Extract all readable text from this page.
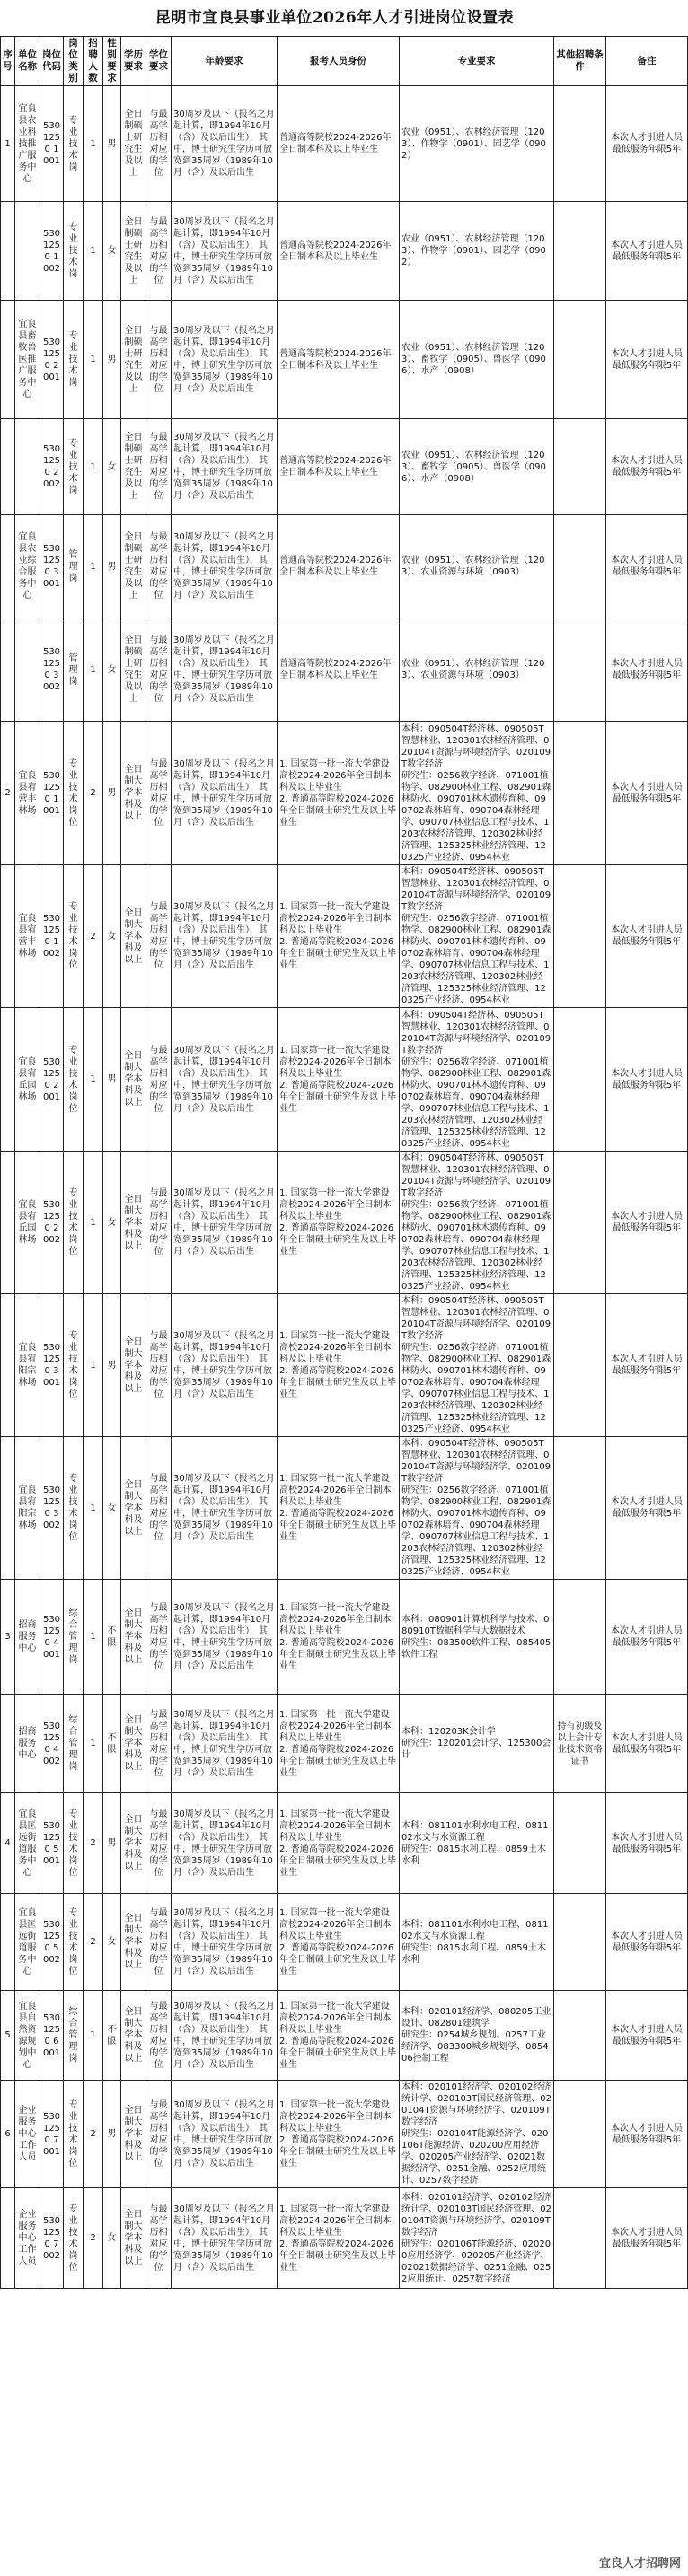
昆明市宜良县事业单位2026年人才引进岗位设置表
序号	单位名称	岗位代码	岗位类别	招聘人数	性别要求	学历要求	学位要求	年龄要求	报考人员身份	专业要求	其他招聘条件	备注
1	宜良县农业科技推广服务中心	5301250 1001	专业技术岗	1	男	全日制硕士研究生及以上	与最高学历相对应的学位	30周岁及以下（报名之月起计算，即1994年10月（含）及以后出生），其中，博士研究生学历可放宽到35周岁（1989年10月（含）及以后出生	普通高等院校2024-2026年全日制本科及以上毕业生	农业（0951）、农林经济管理（1203）、作物学（0901）、园艺学（0902）		本次人才引进人员最低服务年限5年
		5301250 1002	专业技术岗	1	女	全日制硕士研究生及以上	与最高学历相对应的学位	30周岁及以下（报名之月起计算，即1994年10月（含）及以后出生），其中，博士研究生学历可放宽到35周岁（1989年10月（含）及以后出生	普通高等院校2024-2026年全日制本科及以上毕业生	农业（0951）、农林经济管理（1203）、作物学（0901）、园艺学（0902）		本次人才引进人员最低服务年限5年
	宜良县畜牧兽医推广服务中心	5301250 2001	专业技术岗	1	男	全日制硕士研究生及以上	与最高学历相对应的学位	30周岁及以下（报名之月起计算，即1994年10月（含）及以后出生），其中，博士研究生学历可放宽到35周岁（1989年10月（含）及以后出生	普通高等院校2024-2026年全日制本科及以上毕业生	农业（0951）、农林经济管理（1203）、畜牧学（0905）、兽医学（0906）、水产（0908）		本次人才引进人员最低服务年限5年
		5301250 2002	专业技术岗	1	女	全日制硕士研究生及以上	与最高学历相对应的学位	30周岁及以下（报名之月起计算，即1994年10月（含）及以后出生），其中，博士研究生学历可放宽到35周岁（1989年10月（含）及以后出生	普通高等院校2024-2026年全日制本科及以上毕业生	农业（0951）、农林经济管理（1203）、畜牧学（0905）、兽医学（0906）、水产（0908）		本次人才引进人员最低服务年限5年
	宜良县农业综合服务中心	5301250 3001	管理岗	1	男	全日制硕士研究生及以上	与最高学历相对应的学位	30周岁及以下（报名之月起计算，即1994年10月（含）及以后出生），其中，博士研究生学历可放宽到35周岁（1989年10月（含）及以后出生	普通高等院校2024-2026年全日制本科及以上毕业生	农业（0951）、农林经济管理（1203）、农业资源与环境（0903）		本次人才引进人员最低服务年限5年
		5301250 3002	管理岗	1	女	全日制硕士研究生及以上	与最高学历相对应的学位	30周岁及以下（报名之月起计算，即1994年10月（含）及以后出生），其中，博士研究生学历可放宽到35周岁（1989年10月（含）及以后出生	普通高等院校2024-2026年全日制本科及以上毕业生	农业（0951）、农林经济管理（1203）、农业资源与环境（0903）		本次人才引进人员最低服务年限5年
2	宜良县宥营丰林场	5301250 1001	专业技术岗位	2	男	全日制大学本科及以上	与最高学历相对应的学位	30周岁及以下（报名之月起计算，即1994年10月（含）及以后出生），其中，博士研究生学历可放宽到35周岁（1989年10月（含）及以后出生	1. 国家第一批一流大学建设高校2024-2026年全日制本科及以上毕业生
2. 普通高等院校2024-2026年全日制硕士研究生及以上毕业生	本科：090504T经济林、090505T智慧林业、120301农林经济管理、020104T资源与环境经济学、020109T数字经济
研究生：0256数字经济、071001植物学、082900林业工程、082901森林防火、090701林木遗传育种、090702森林培育、090704森林经理学、090707林业信息工程与技术、1203农林经济管理、120302林业经济管理、125325林业经济管理、120325产业经济、0954林业		本次人才引进人员最低服务年限5年
	宜良县宥营丰林场	5301250 1002	专业技术岗位	2	女	全日制大学本科及以上	与最高学历相对应的学位	30周岁及以下（报名之月起计算，即1994年10月（含）及以后出生），其中，博士研究生学历可放宽到35周岁（1989年10月（含）及以后出生	1. 国家第一批一流大学建设高校2024-2026年全日制本科及以上毕业生
2. 普通高等院校2024-2026年全日制硕士研究生及以上毕业生	本科：090504T经济林、090505T智慧林业、120301农林经济管理、020104T资源与环境经济学、020109T数字经济
研究生：0256数字经济、071001植物学、082900林业工程、082901森林防火、090701林木遗传育种、090702森林培育、090704森林经理学、090707林业信息工程与技术、1203农林经济管理、120302林业经济管理、125325林业经济管理、120325产业经济、0954林业		本次人才引进人员最低服务年限5年
	宜良县宥丘园林场	5301250 2001	专业技术岗位	1	男	全日制大学本科及以上	与最高学历相对应的学位	30周岁及以下（报名之月起计算，即1994年10月（含）及以后出生），其中，博士研究生学历可放宽到35周岁（1989年10月（含）及以后出生	1. 国家第一批一流大学建设高校2024-2026年全日制本科及以上毕业生
2. 普通高等院校2024-2026年全日制硕士研究生及以上毕业生	本科：090504T经济林、090505T智慧林业、120301农林经济管理、020104T资源与环境经济学、020109T数字经济
研究生：0256数字经济、071001植物学、082900林业工程、082901森林防火、090701林木遗传育种、090702森林培育、090704森林经理学、090707林业信息工程与技术、1203农林经济管理、120302林业经济管理、125325林业经济管理、120325产业经济、0954林业		本次人才引进人员最低服务年限5年
	宜良县宥丘园林场	5301250 2002	专业技术岗位	1	女	全日制大学本科及以上	与最高学历相对应的学位	30周岁及以下（报名之月起计算，即1994年10月（含）及以后出生），其中，博士研究生学历可放宽到35周岁（1989年10月（含）及以后出生	1. 国家第一批一流大学建设高校2024-2026年全日制本科及以上毕业生
2. 普通高等院校2024-2026年全日制硕士研究生及以上毕业生	本科：090504T经济林、090505T智慧林业、120301农林经济管理、020104T资源与环境经济学、020109T数字经济
研究生：0256数字经济、071001植物学、082900林业工程、082901森林防火、090701林木遗传育种、090702森林培育、090704森林经理学、090707林业信息工程与技术、1203农林经济管理、120302林业经济管理、125325林业经济管理、120325产业经济、0954林业		本次人才引进人员最低服务年限5年
	宜良县宥阳宗林场	5301250 3001	专业技术岗位	1	男	全日制大学本科及以上	与最高学历相对应的学位	30周岁及以下（报名之月起计算，即1994年10月（含）及以后出生），其中，博士研究生学历可放宽到35周岁（1989年10月（含）及以后出生	1. 国家第一批一流大学建设高校2024-2026年全日制本科及以上毕业生
2. 普通高等院校2024-2026年全日制硕士研究生及以上毕业生	本科：090504T经济林、090505T智慧林业、120301农林经济管理、020104T资源与环境经济学、020109T数字经济
研究生：0256数字经济、071001植物学、082900林业工程、082901森林防火、090701林木遗传育种、090702森林培育、090704森林经理学、090707林业信息工程与技术、1203农林经济管理、120302林业经济管理、125325林业经济管理、120325产业经济、0954林业		本次人才引进人员最低服务年限5年
	宜良县宥阳宗林场	5301250 3002	专业技术岗位	1	女	全日制大学本科及以上	与最高学历相对应的学位	30周岁及以下（报名之月起计算，即1994年10月（含）及以后出生），其中，博士研究生学历可放宽到35周岁（1989年10月（含）及以后出生	1. 国家第一批一流大学建设高校2024-2026年全日制本科及以上毕业生
2. 普通高等院校2024-2026年全日制硕士研究生及以上毕业生	本科：090504T经济林、090505T智慧林业、120301农林经济管理、020104T资源与环境经济学、020109T数字经济
研究生：0256数字经济、071001植物学、082900林业工程、082901森林防火、090701林木遗传育种、090702森林培育、090704森林经理学、090707林业信息工程与技术、1203农林经济管理、120302林业经济管理、125325林业经济管理、120325产业经济、0954林业		本次人才引进人员最低服务年限5年
3	招商服务中心	5301250 4001	综合管理岗	1	不限	全日制大学本科及以上	与最高学历相对应的学位	30周岁及以下（报名之月起计算，即1994年10月（含）及以后出生），其中，博士研究生学历可放宽到35周岁（1989年10月（含）及以后出生	1. 国家第一批一流大学建设高校2024-2026年全日制本科及以上毕业生
2. 普通高等院校2024-2026年全日制硕士研究生及以上毕业生	本科：080901计算机科学与技术、080910T数据科学与大数据技术
研究生：083500软件工程、085405软件工程		本次人才引进人员最低服务年限5年
	招商服务中心	5301250 4002	综合管理岗	1	不限	全日制大学本科及以上	与最高学历相对应的学位	30周岁及以下（报名之月起计算，即1994年10月（含）及以后出生），其中，博士研究生学历可放宽到35周岁（1989年10月（含）及以后出生	1. 国家第一批一流大学建设高校2024-2026年全日制本科及以上毕业生
2. 普通高等院校2024-2026年全日制硕士研究生及以上毕业生	本科：120203K会计学
研究生：120201会计学、125300会计	持有初级及以上会计专业技术资格证书	本次人才引进人员最低服务年限5年
4	宜良县匡远街道服务中心	5301250 5001	专业技术岗位	2	男	全日制大学本科及以上	与最高学历相对应的学位	30周岁及以下（报名之月起计算，即1994年10月（含）及以后出生），其中，博士研究生学历可放宽到35周岁（1989年10月（含）及以后出生	1. 国家第一批一流大学建设高校2024-2026年全日制本科及以上毕业生
2. 普通高等院校2024-2026年全日制硕士研究生及以上毕业生	本科：081101水利水电工程、081102水文与水资源工程
研究生：0815水利工程、0859土木水利		本次人才引进人员最低服务年限5年
	宜良县匡远街道服务中心	5301250 5002	专业技术岗位	2	女	全日制大学本科及以上	与最高学历相对应的学位	30周岁及以下（报名之月起计算，即1994年10月（含）及以后出生），其中，博士研究生学历可放宽到35周岁（1989年10月（含）及以后出生	1. 国家第一批一流大学建设高校2024-2026年全日制本科及以上毕业生
2. 普通高等院校2024-2026年全日制硕士研究生及以上毕业生	本科：081101水利水电工程、081102水文与水资源工程
研究生：0815水利工程、0859土木水利		本次人才引进人员最低服务年限5年
5	宜良县自然资源规划中心	5301250 6001	综合管理岗	1	不限	全日制大学本科及以上	与最高学历相对应的学位	30周岁及以下（报名之月起计算，即1994年10月（含）及以后出生），其中，博士研究生学历可放宽到35周岁（1989年10月（含）及以后出生	1. 国家第一批一流大学建设高校2024-2026年全日制本科及以上毕业生
2. 普通高等院校2024-2026年全日制硕士研究生及以上毕业生	本科：020101经济学、080205工业设计、082801建筑学
研究生：0254城乡规划、0257工业经济学、083300城乡规划学、085406控制工程		本次人才引进人员最低服务年限5年
6	企业服务中心工作人员	5301250 7001	专业技术岗位	2	男	全日制大学本科及以上	与最高学历相对应的学位	30周岁及以下（报名之月起计算，即1994年10月（含）及以后出生），其中，博士研究生学历可放宽到35周岁（1989年10月（含）及以后出生	1. 国家第一批一流大学建设高校2024-2026年全日制本科及以上毕业生
2. 普通高等院校2024-2026年全日制硕士研究生及以上毕业生	本科：020101经济学、020102经济统计学、020103T国民经济管理、020104T资源与环境经济学、020109T数字经济
研究生：020104T能源经济学、020106T能源经济、020200应用经济学、020205产业经济学、02021数据经济学、0251金融、0252应用统计、0257数字经济		本次人才引进人员最低服务年限5年
	企业服务中心工作人员	5301250 7002	专业技术岗位	2	女	全日制大学本科及以上	与最高学历相对应的学位	30周岁及以下（报名之月起计算，即1994年10月（含）及以后出生），其中，博士研究生学历可放宽到35周岁（1989年10月（含）及以后出生	1. 国家第一批一流大学建设高校2024-2026年全日制本科及以上毕业生
2. 普通高等院校2024-2026年全日制硕士研究生及以上毕业生	本科：020101经济学、020102经济统计学、020103T国民经济管理、020104T资源与环境经济学、020109T数字经济
研究生：020106T能源经济、020200应用经济学、020205产业经济学、02021数据经济学、0251金融、0252应用统计、0257数字经济		本次人才引进人员最低服务年限5年
宜良人才招聘网
